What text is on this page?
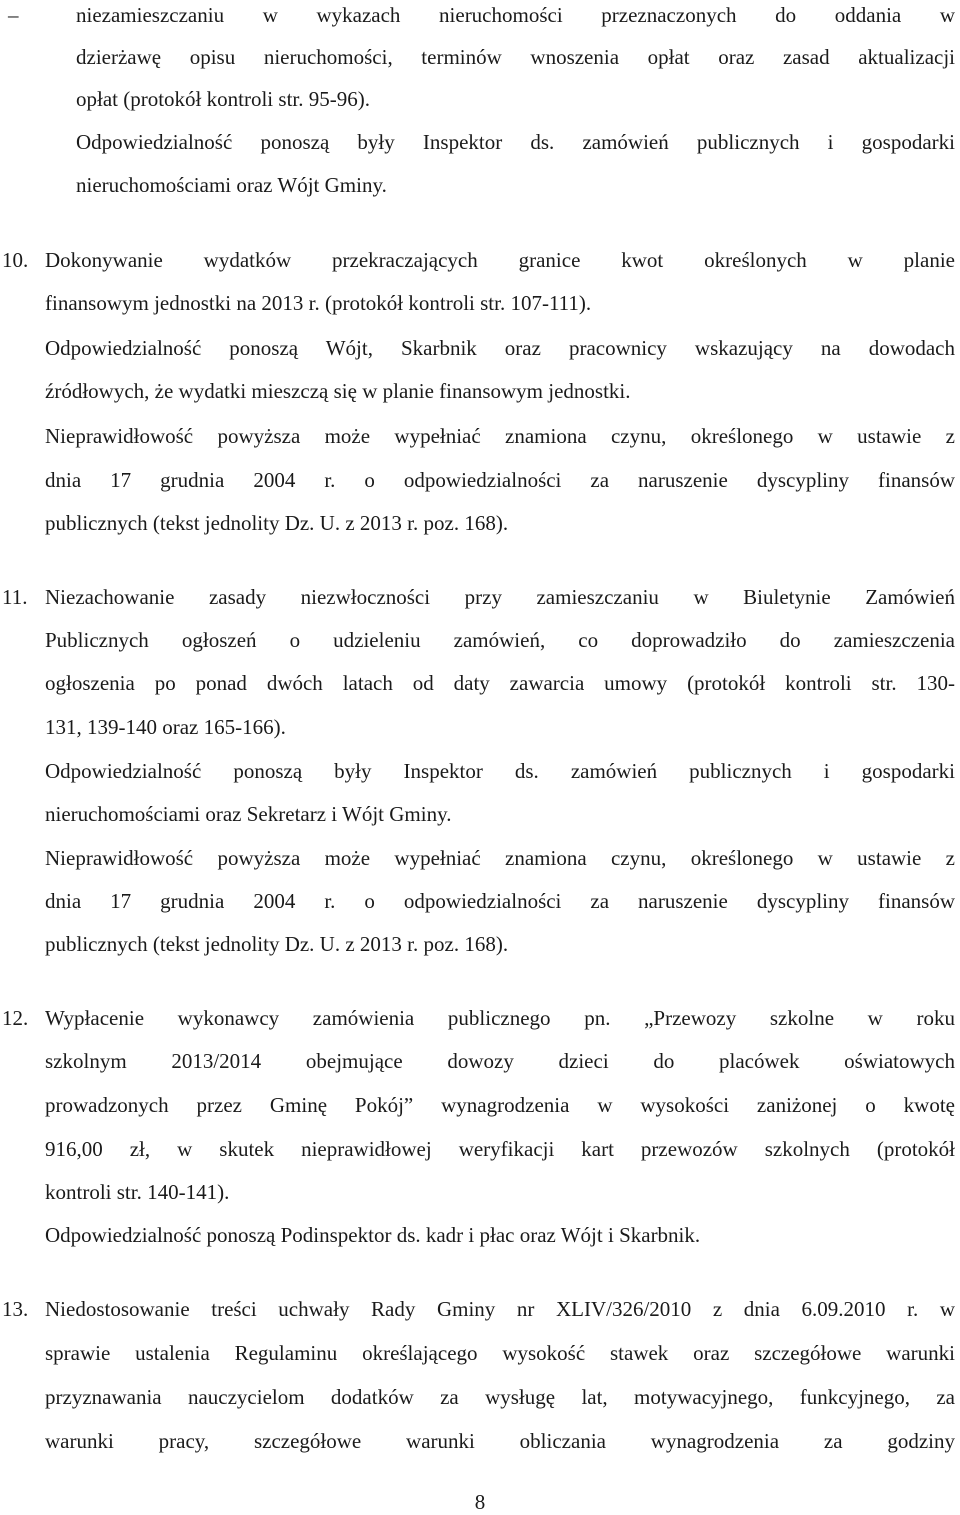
–	niezamieszczaniu w wykazach nieruchomości przeznaczonych do oddania w
dzierżawę opisu nieruchomości, terminów wnoszenia opłat oraz zasad aktualizacji
opłat (protokół kontroli str. 95-96).
Odpowiedzialność ponoszą były Inspektor ds. zamówień publicznych i gospodarki
nieruchomościami oraz Wójt Gminy.
10. Dokonywanie wydatków przekraczających granice kwot określonych w planie
finansowym jednostki na 2013 r. (protokół kontroli str. 107-111).
Odpowiedzialność ponoszą Wójt, Skarbnik oraz pracownicy wskazujący na dowodach
źródłowych, że wydatki mieszczą się w planie finansowym jednostki.
Nieprawidłowość powyższa może wypełniać znamiona czynu, określonego w ustawie z
dnia 17 grudnia 2004 r. o odpowiedzialności za naruszenie dyscypliny finansów
publicznych (tekst jednolity Dz. U. z 2013 r. poz. 168).
11. Niezachowanie zasady niezwłoczności przy zamieszczaniu w Biuletynie Zamówień
Publicznych ogłoszeń o udzieleniu zamówień, co doprowadziło do zamieszczenia
ogłoszenia po ponad dwóch latach od daty zawarcia umowy (protokół kontroli str. 130-
131, 139-140 oraz 165-166).
Odpowiedzialność ponoszą były Inspektor ds. zamówień publicznych i gospodarki
nieruchomościami oraz Sekretarz i Wójt Gminy.
Nieprawidłowość powyższa może wypełniać znamiona czynu, określonego w ustawie z
dnia 17 grudnia 2004 r. o odpowiedzialności za naruszenie dyscypliny finansów
publicznych (tekst jednolity Dz. U. z 2013 r. poz. 168).
12. Wypłacenie wykonawcy zamówienia publicznego pn. „Przewozy szkolne w roku
szkolnym 2013/2014 obejmujące dowozy dzieci do placówek oświatowych
prowadzonych przez Gminę Pokój” wynagrodzenia w wysokości zaniżonej o kwotę
916,00 zł, w skutek nieprawidłowej weryfikacji kart przewozów szkolnych (protokół
kontroli str. 140-141).
Odpowiedzialność ponoszą Podinspektor ds. kadr i płac oraz Wójt i Skarbnik.
13. Niedostosowanie treści uchwały Rady Gminy nr XLIV/326/2010 z dnia 6.09.2010 r. w
sprawie ustalenia Regulaminu określającego wysokość stawek oraz szczegółowe warunki
przyznawania nauczycielom dodatków za wysługę lat, motywacyjnego, funkcyjnego, za
warunki pracy, szczegółowe warunki obliczania wynagrodzenia za godziny
8
